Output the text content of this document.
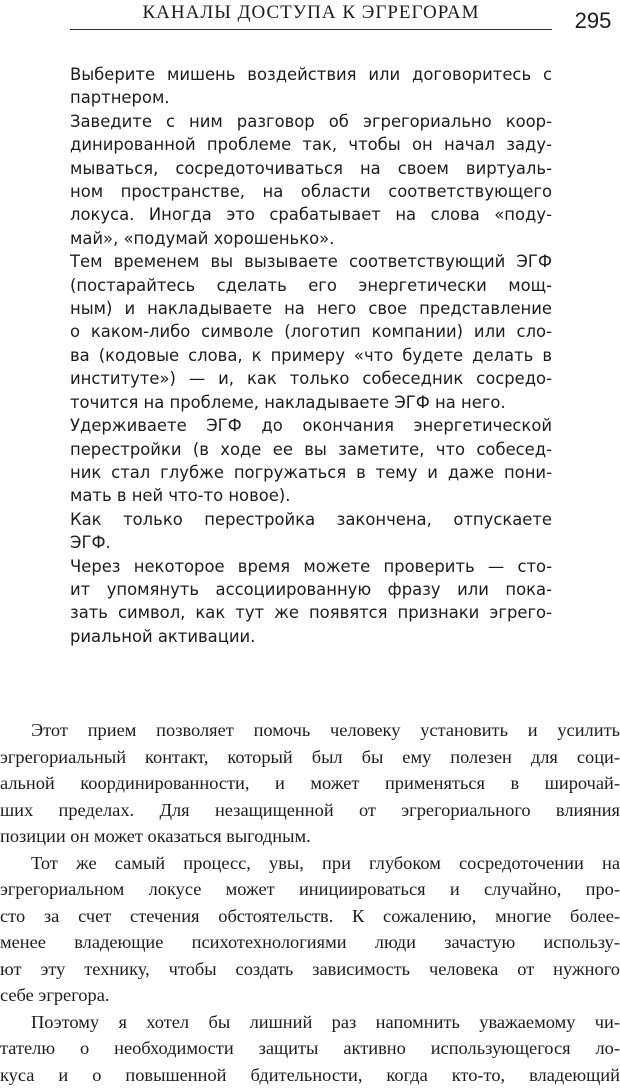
КАНАЛЫ ДОСТУПА К ЭГРЕГОРАМ	295

Выберите мишень воздействия или договоритесь с
партнером.

Заведите с ним разговор об эгрегориально коор-
динированной проблеме так, чтобы он начал заду-
мываться, сосредоточиваться на своем виртуаль-
ном пространстве, на области соответствующего
локуса. Иногда это срабатывает на слова «поду-
май», «подумай хорошенько».

Тем временем вы вызываете соответствующий ЭГФ
(постарайтесь сделать его энергетически мощ-
ным) и накладываете на него свое представление
о каком-либо символе (логотип компании) или сло-
ва (кодовые слова, к примеру «что будете делать в
институте») — и, как только собеседник сосредо-
точится на проблеме, накладываете ЭГФ на него.

Удерживаете ЭГФ до окончания энергетической
перестройки (в ходе ее вы заметите, что собесед-
ник стал глубже погружаться в тему и даже пони-
мать в ней что-то новое).

Как только перестройка закончена, отпускаете
ЭГФ.

Через некоторое время можете проверить — сто-
ит упомянуть ассоциированную фразу или пока-
зать символ, как тут же появятся признаки эгрего-
риальной активации.

Этот прием позволяет помочь человеку установить и усилить
эгрегориальный контакт, который был бы ему полезен для соци-
альной координированности, и может применяться в широчай-
ших пределах. Для незащищенной от эгрегориального влияния
позиции он может оказаться выгодным.

Тот же самый процесс, увы, при глубоком сосредоточении на
эгрегориальном локусе может инициироваться и случайно, про-
сто за счет стечения обстоятельств. К сожалению, многие более-
менее владеющие психотехнологиями люди зачастую использу-
ют эту технику, чтобы создать зависимость человека от нужного
себе эгрегора.

Поэтому я хотел бы лишний раз напомнить уважаемому чи-
тателю о необходимости защиты активно использующегося ло-
куса и о повышенной бдительности, когда кто-то, владеющий
